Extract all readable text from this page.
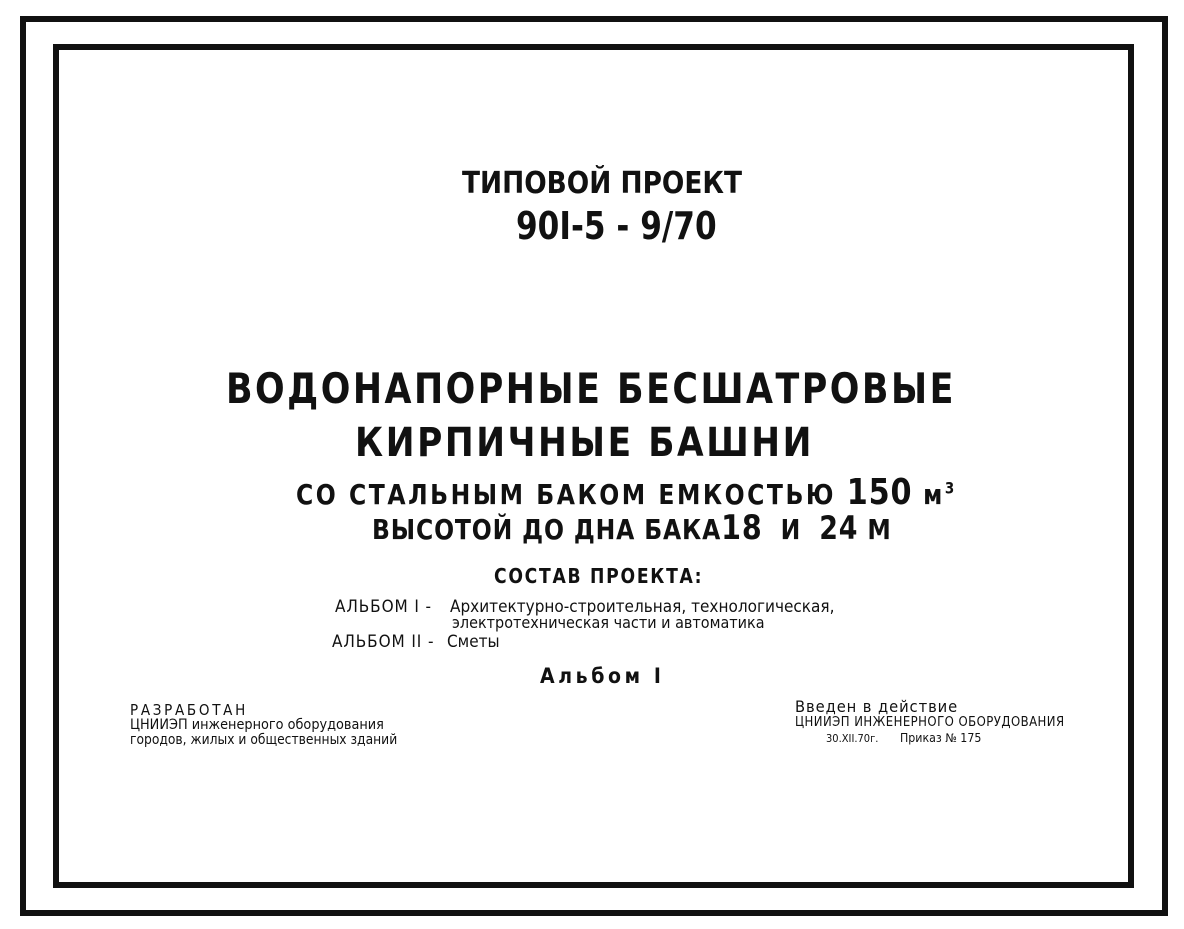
ТИПОВОЙ ПРОЕКТ
90I-5 - 9/70
ВОДОНАПОРНЫЕ БЕСШАТРОВЫЕ
КИРПИЧНЫЕ БАШНИ
СО СТАЛЬНЫМ БАКОМ ЕМКОСТЬЮ 150 $м^3$
ВЫСОТОЙ ДО ДНА БАКА18 И 24 М
СОСТАВ ПРОЕКТА:
АЛЬБОМ I -	Архитектурно-строительная, технологическая,
электротехническая части и автоматика
АЛЬБОМ II - Сметы
Альбом I
РАЗРАБОТАН
ЦНИИЭП инженерного оборудования
городов, жилых и общественных зданий
Введен в действие
ЦНИИЭП ИНЖЕНЕРНОГО ОБОРУДОВАНИЯ
30.XII.70г.	Приказ № 175
